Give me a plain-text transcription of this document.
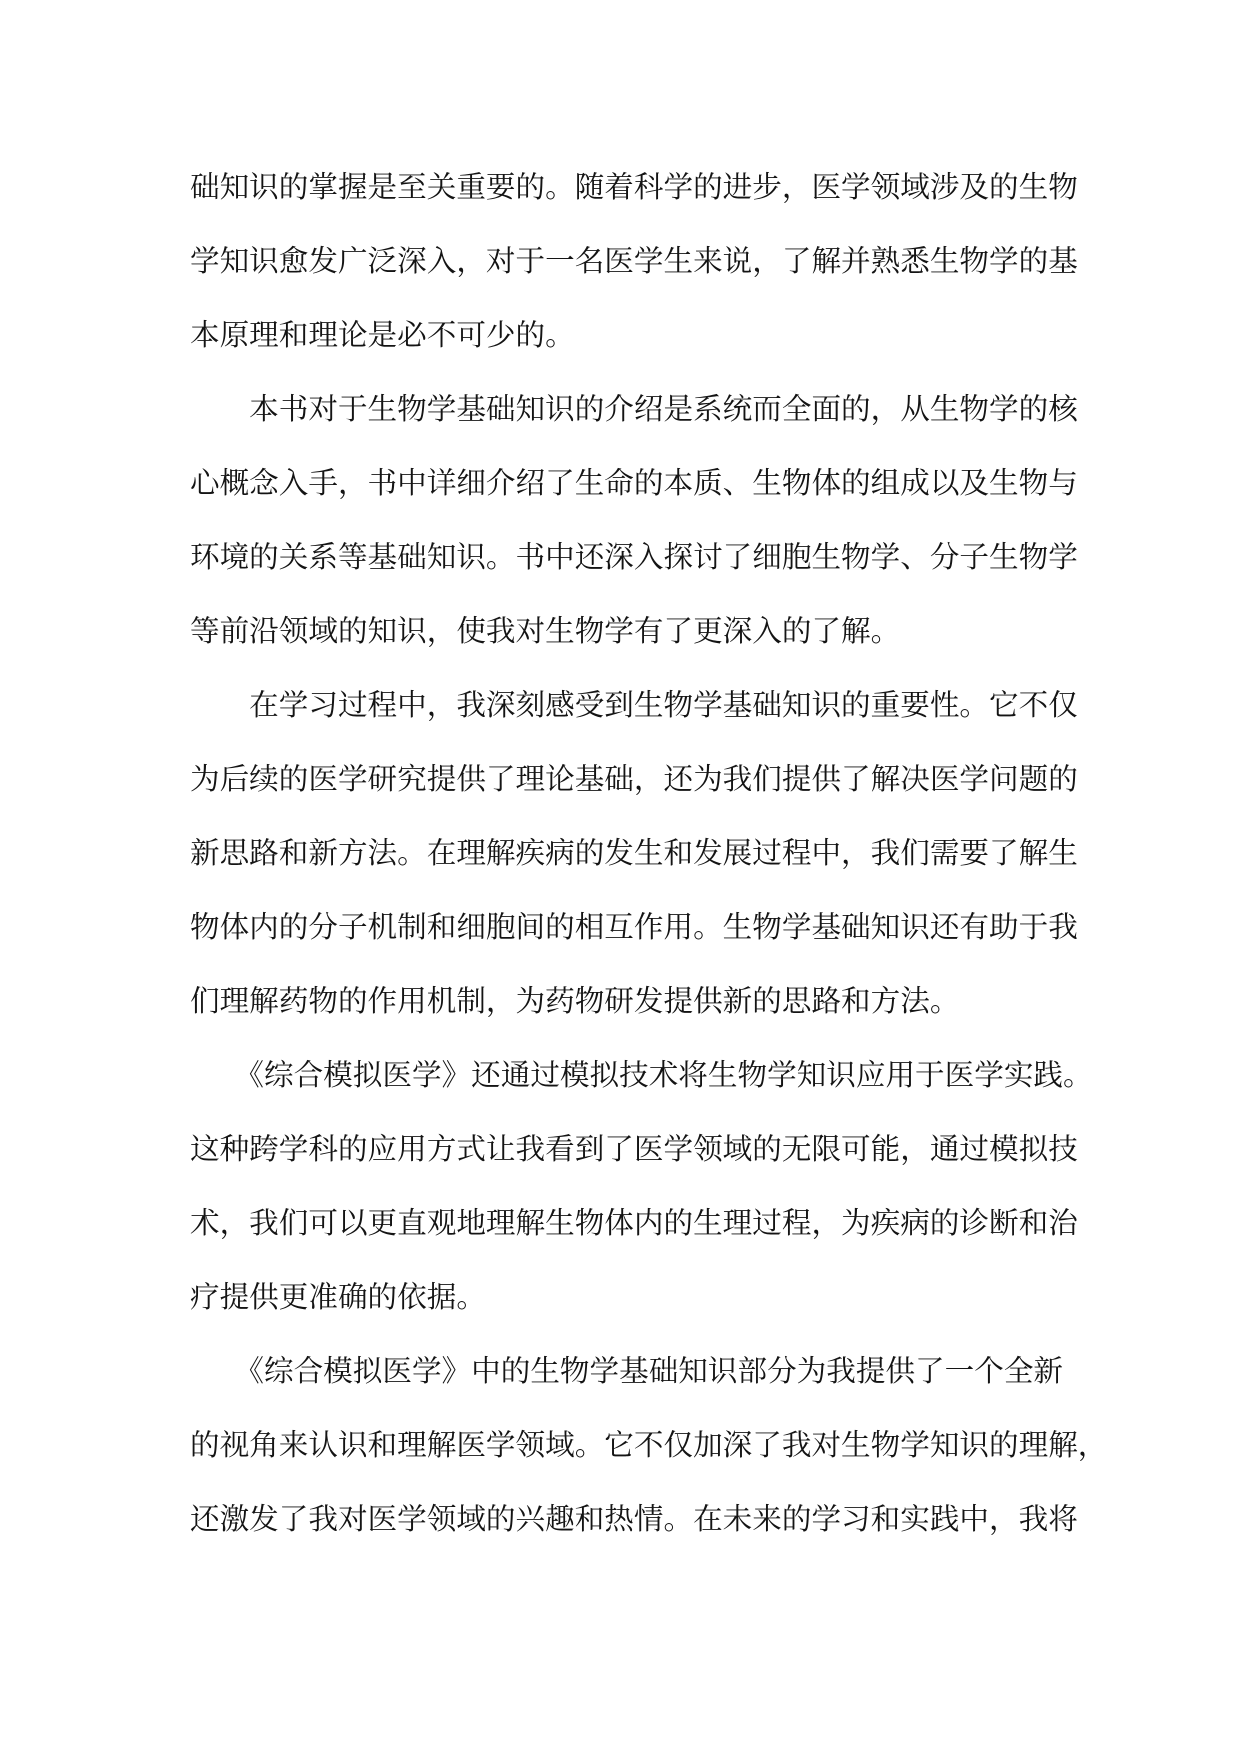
础知识的掌握是至关重要的。随着科学的进步，医学领域涉及的生物
学知识愈发广泛深入，对于一名医学生来说，了解并熟悉生物学的基
本原理和理论是必不可少的。
　　本书对于生物学基础知识的介绍是系统而全面的，从生物学的核
心概念入手，书中详细介绍了生命的本质、生物体的组成以及生物与
环境的关系等基础知识。书中还深入探讨了细胞生物学、分子生物学
等前沿领域的知识，使我对生物学有了更深入的了解。
　　在学习过程中，我深刻感受到生物学基础知识的重要性。它不仅
为后续的医学研究提供了理论基础，还为我们提供了解决医学问题的
新思路和新方法。在理解疾病的发生和发展过程中，我们需要了解生
物体内的分子机制和细胞间的相互作用。生物学基础知识还有助于我
们理解药物的作用机制，为药物研发提供新的思路和方法。
　　《综合模拟医学》还通过模拟技术将生物学知识应用于医学实践。
这种跨学科的应用方式让我看到了医学领域的无限可能，通过模拟技
术，我们可以更直观地理解生物体内的生理过程，为疾病的诊断和治
疗提供更准确的依据。
　　《综合模拟医学》中的生物学基础知识部分为我提供了一个全新
的视角来认识和理解医学领域。它不仅加深了我对生物学知识的理解，
还激发了我对医学领域的兴趣和热情。在未来的学习和实践中，我将
